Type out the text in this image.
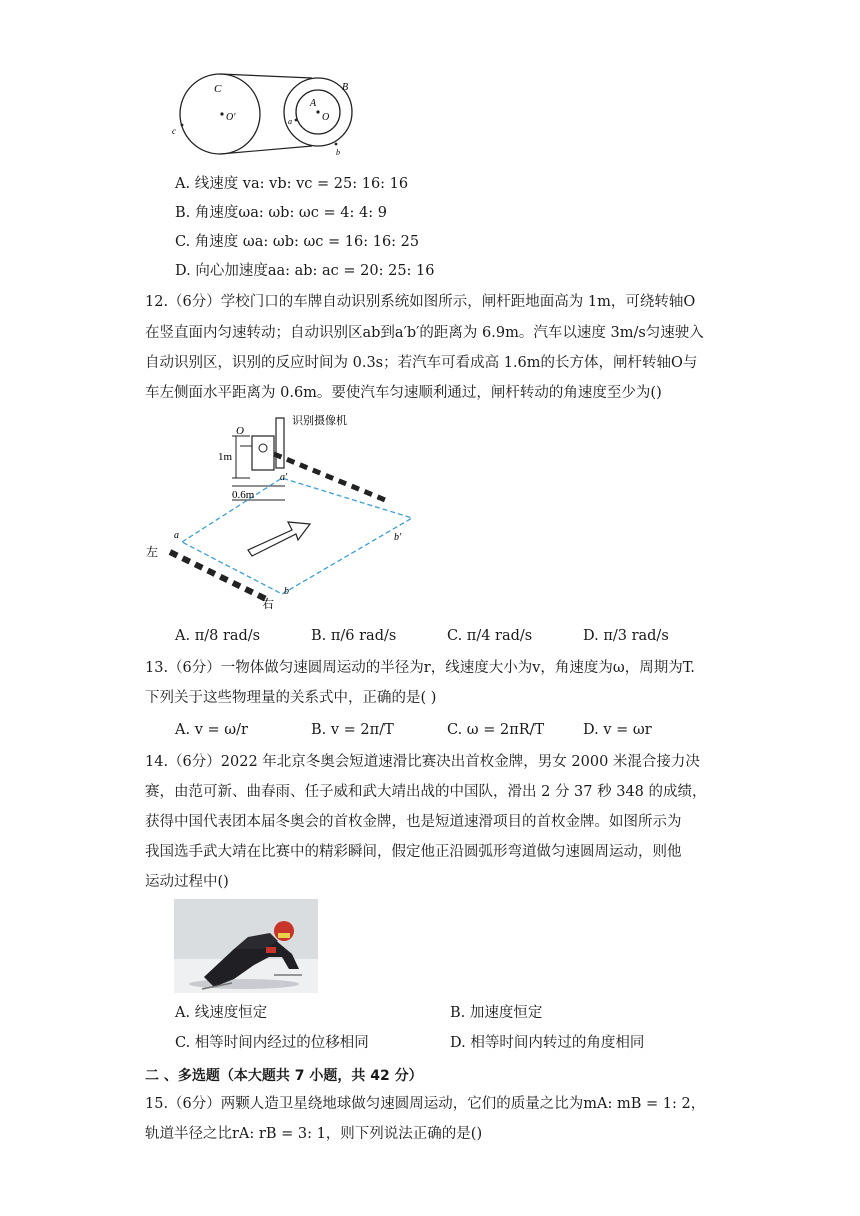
C
O'
c
A
O
B
a
b
A. 线速度 va: vb: vc = 25: 16: 16
B. 角速度ωa: ωb: ωc = 4: 4: 9
C. 角速度 ωa: ωb: ωc = 16: 16: 25
D. 向心加速度aa: ab: ac = 20: 25: 16
12.（6分）学校门口的车牌自动识别系统如图所示，闸杆距地面高为 1m，可绕转轴O
在竖直面内匀速转动；自动识别区ab到a′b′的距离为 6.9m。汽车以速度 3m/s匀速驶入
自动识别区，识别的反应时间为 0.3s；若汽车可看成高 1.6m的长方体，闸杆转轴O与
车左侧面水平距离为 0.6m。要使汽车匀速顺利通过，闸杆转动的角速度至少为()
识别摄像机
O
1m
0.6m
a'
b'
a
b
左
右
A. π/8 rad/s	B. π/6 rad/s	C. π/4 rad/s	D. π/3 rad/s
13.（6分）一物体做匀速圆周运动的半径为r，线速度大小为v，角速度为ω，周期为T.
下列关于这些物理量的关系式中，正确的是( )
A. v = ω/r	B. v = 2π/T	C. ω = 2πR/T	D. v = ωr
14.（6分）2022 年北京冬奥会短道速滑比赛决出首枚金牌，男女 2000 米混合接力决
赛，由范可新、曲春雨、任子威和武大靖出战的中国队，滑出 2 分 37 秒 348 的成绩，
获得中国代表团本届冬奥会的首枚金牌，也是短道速滑项目的首枚金牌。如图所示为
我国选手武大靖在比赛中的精彩瞬间，假定他正沿圆弧形弯道做匀速圆周运动，则他
运动过程中()
A. 线速度恒定	B. 加速度恒定
C. 相等时间内经过的位移相同	D. 相等时间内转过的角度相同
二 、多选题（本大题共 7 小题，共 42 分）
15.（6分）两颗人造卫星绕地球做匀速圆周运动，它们的质量之比为mA: mB = 1: 2，
轨道半径之比rA: rB = 3: 1，则下列说法正确的是()
